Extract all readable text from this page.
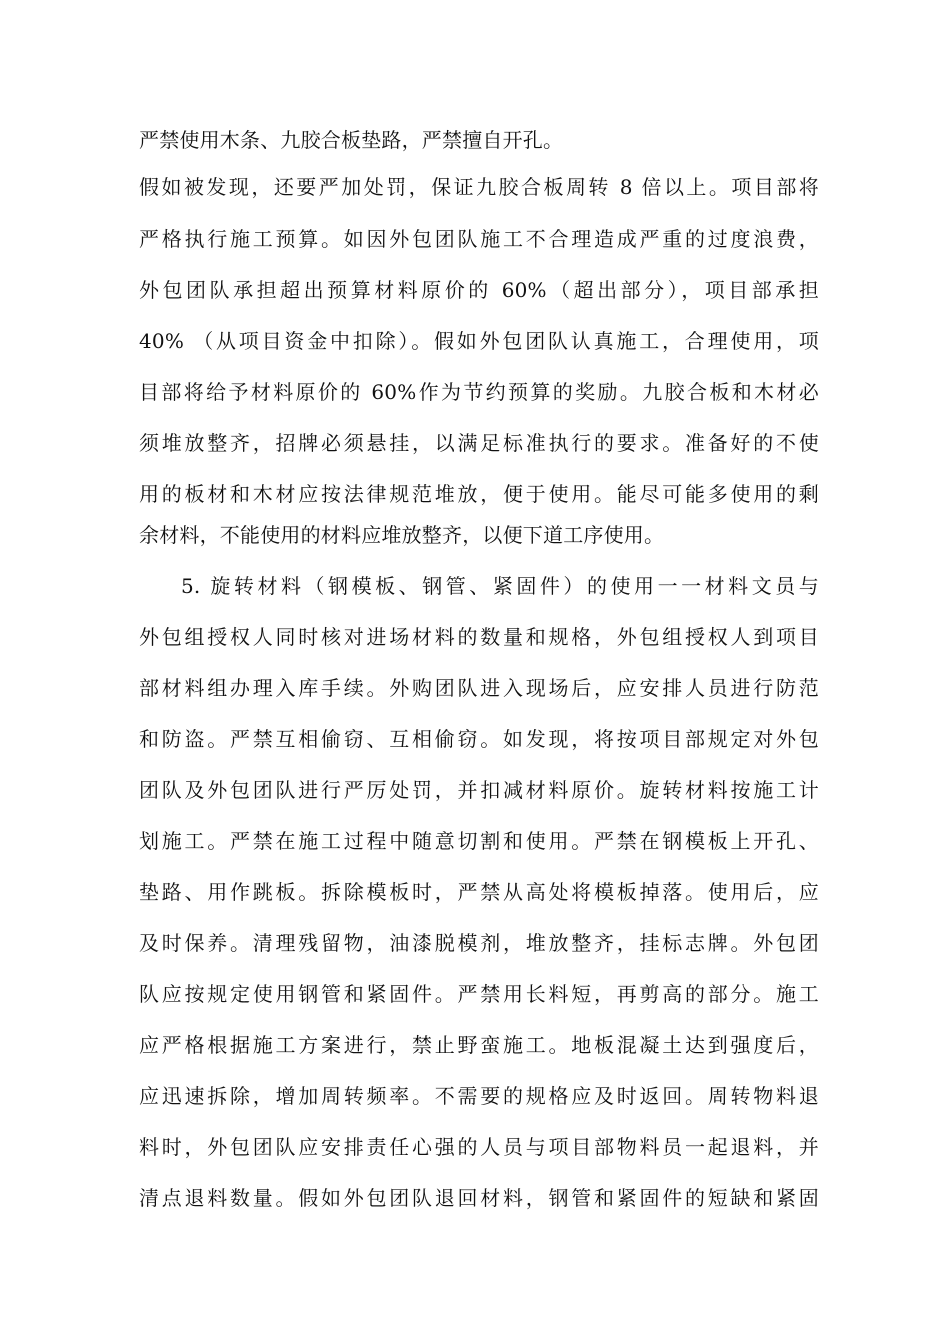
严禁使用木条、九胶合板垫路，严禁擅自开孔。
假如被发现，还要严加处罚，保证九胶合板周转 8 倍以上。项目部将
严格执行施工预算。如因外包团队施工不合理造成严重的过度浪费，
外包团队承担超出预算材料原价的 60%（超出部分），项目部承担
40% （从项目资金中扣除）。假如外包团队认真施工，合理使用，项
目部将给予材料原价的 60%作为节约预算的奖励。九胶合板和木材必
须堆放整齐，招牌必须悬挂，以满足标准执行的要求。准备好的不使
用的板材和木材应按法律规范堆放，便于使用。能尽可能多使用的剩
余材料，不能使用的材料应堆放整齐，以便下道工序使用。
5. 旋转材料（钢模板、钢管、紧固件）的使用一一材料文员与
外包组授权人同时核对进场材料的数量和规格，外包组授权人到项目
部材料组办理入库手续。外购团队进入现场后，应安排人员进行防范
和防盗。严禁互相偷窃、互相偷窃。如发现，将按项目部规定对外包
团队及外包团队进行严厉处罚，并扣减材料原价。旋转材料按施工计
划施工。严禁在施工过程中随意切割和使用。严禁在钢模板上开孔、
垫路、用作跳板。拆除模板时，严禁从高处将模板掉落。使用后，应
及时保养。清理残留物，油漆脱模剂，堆放整齐，挂标志牌。外包团
队应按规定使用钢管和紧固件。严禁用长料短，再剪高的部分。施工
应严格根据施工方案进行，禁止野蛮施工。地板混凝土达到强度后，
应迅速拆除，增加周转频率。不需要的规格应及时返回。周转物料退
料时，外包团队应安排责任心强的人员与项目部物料员一起退料，并
清点退料数量。假如外包团队退回材料，钢管和紧固件的短缺和紧固
